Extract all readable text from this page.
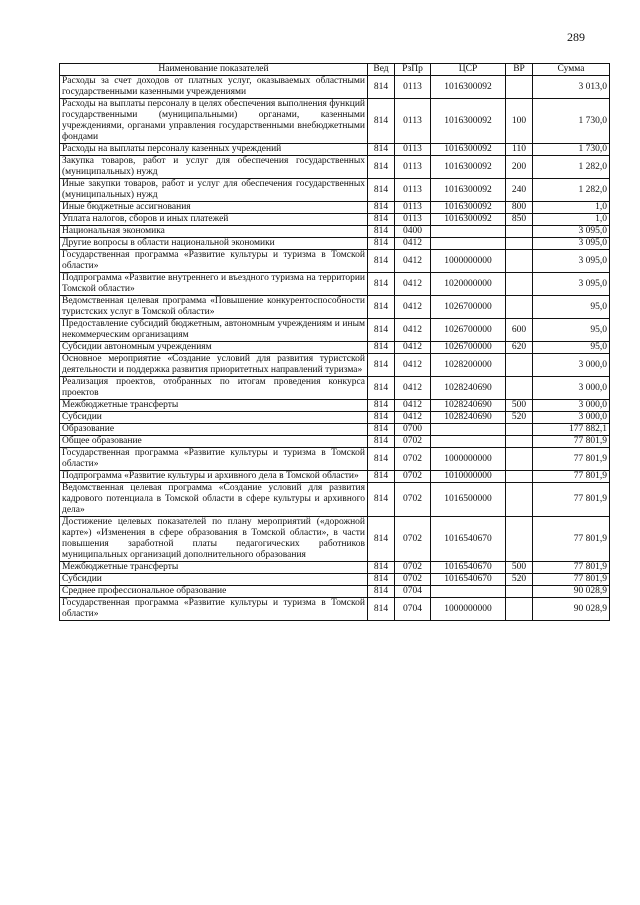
289
Наименование показателей	Вед	РзПр	ЦСР	ВР	Сумма
Расходы за счет доходов от платных услуг, оказываемых областными государственными казенными учреждениями	814	0113	1016300092		3 013,0
Расходы на выплаты персоналу в целях обеспечения выполнения функций государственными (муниципальными) органами, казенными учреждениями, органами управления государственными внебюджетными фондами	814	0113	1016300092	100	1 730,0
Расходы на выплаты персоналу казенных учреждений	814	0113	1016300092	110	1 730,0
Закупка товаров, работ и услуг для обеспечения государственных (муниципальных) нужд	814	0113	1016300092	200	1 282,0
Иные закупки товаров, работ и услуг для обеспечения государственных (муниципальных) нужд	814	0113	1016300092	240	1 282,0
Иные бюджетные ассигнования	814	0113	1016300092	800	1,0
Уплата налогов, сборов и иных платежей	814	0113	1016300092	850	1,0
Национальная экономика	814	0400			3 095,0
Другие вопросы в области национальной экономики	814	0412			3 095,0
Государственная программа «Развитие культуры и туризма в Томской области»	814	0412	1000000000		3 095,0
Подпрограмма «Развитие внутреннего и въездного туризма на территории Томской области»	814	0412	1020000000		3 095,0
Ведомственная целевая программа «Повышение конкурентоспособности туристских услуг в Томской области»	814	0412	1026700000		95,0
Предоставление субсидий бюджетным, автономным учреждениям и иным некоммерческим организациям	814	0412	1026700000	600	95,0
Субсидии автономным учреждениям	814	0412	1026700000	620	95,0
Основное мероприятие «Создание условий для развития туристской деятельности и поддержка развития приоритетных направлений туризма»	814	0412	1028200000		3 000,0
Реализация проектов, отобранных по итогам проведения конкурса проектов	814	0412	1028240690		3 000,0
Межбюджетные трансферты	814	0412	1028240690	500	3 000,0
Субсидии	814	0412	1028240690	520	3 000,0
Образование	814	0700			177 882,1
Общее образование	814	0702			77 801,9
Государственная программа «Развитие культуры и туризма в Томской области»	814	0702	1000000000		77 801,9
Подпрограмма «Развитие культуры и архивного дела в Томской области»	814	0702	1010000000		77 801,9
Ведомственная целевая программа «Создание условий для развития кадрового потенциала в Томской области в сфере культуры и архивного дела»	814	0702	1016500000		77 801,9
Достижение целевых показателей по плану мероприятий («дорожной карте») «Изменения в сфере образования в Томской области», в части повышения заработной платы педагогических работников муниципальных организаций дополнительного образования	814	0702	1016540670		77 801,9
Межбюджетные трансферты	814	0702	1016540670	500	77 801,9
Субсидии	814	0702	1016540670	520	77 801,9
Среднее профессиональное образование	814	0704			90 028,9
Государственная программа «Развитие культуры и туризма в Томской области»	814	0704	1000000000		90 028,9
